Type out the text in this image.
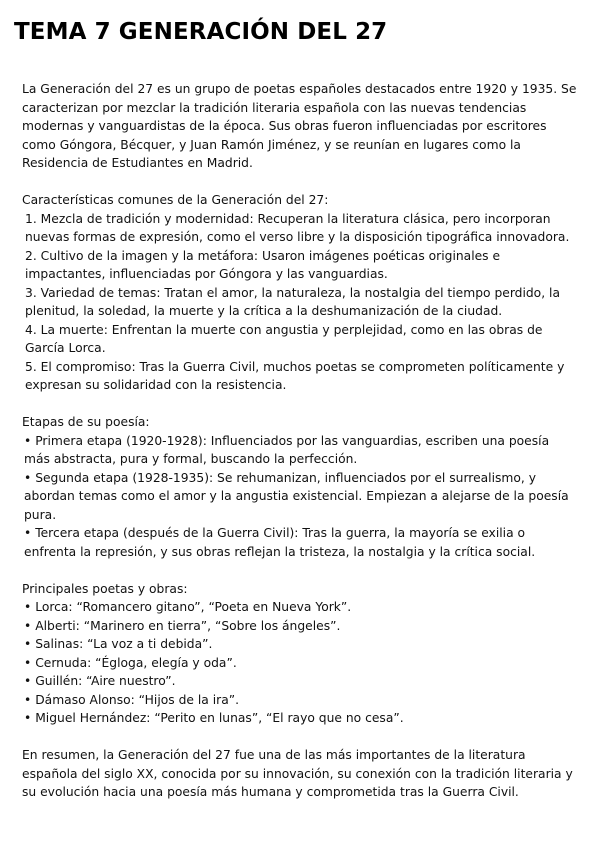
TEMA 7 GENERACIÓN DEL 27

La Generación del 27 es un grupo de poetas españoles destacados entre 1920 y 1935. Se caracterizan por mezclar la tradición literaria española con las nuevas tendencias modernas y vanguardistas de la época. Sus obras fueron influenciadas por escritores como Góngora, Bécquer, y Juan Ramón Jiménez, y se reunían en lugares como la Residencia de Estudiantes en Madrid.

Características comunes de la Generación del 27:

1. Mezcla de tradición y modernidad: Recuperan la literatura clásica, pero incorporan nuevas formas de expresión, como el verso libre y la disposición tipográfica innovadora.

2. Cultivo de la imagen y la metáfora: Usaron imágenes poéticas originales e impactantes, influenciadas por Góngora y las vanguardias.

3. Variedad de temas: Tratan el amor, la naturaleza, la nostalgia del tiempo perdido, la plenitud, la soledad, la muerte y la crítica a la deshumanización de la ciudad.

4. La muerte: Enfrentan la muerte con angustia y perplejidad, como en las obras de García Lorca.

5. El compromiso: Tras la Guerra Civil, muchos poetas se comprometen políticamente y expresan su solidaridad con la resistencia.

Etapas de su poesía:

• Primera etapa (1920-1928): Influenciados por las vanguardias, escriben una poesía más abstracta, pura y formal, buscando la perfección.

• Segunda etapa (1928-1935): Se rehumanizan, influenciados por el surrealismo, y abordan temas como el amor y la angustia existencial. Empiezan a alejarse de la poesía pura.

• Tercera etapa (después de la Guerra Civil): Tras la guerra, la mayoría se exilia o enfrenta la represión, y sus obras reflejan la tristeza, la nostalgia y la crítica social.

Principales poetas y obras:

• Lorca: “Romancero gitano”, “Poeta en Nueva York”.

• Alberti: “Marinero en tierra”, “Sobre los ángeles”.

• Salinas: “La voz a ti debida”.

• Cernuda: “Égloga, elegía y oda”.

• Guillén: “Aire nuestro”.

• Dámaso Alonso: “Hijos de la ira”.

• Miguel Hernández: “Perito en lunas”, “El rayo que no cesa”.

En resumen, la Generación del 27 fue una de las más importantes de la literatura española del siglo XX, conocida por su innovación, su conexión con la tradición literaria y su evolución hacia una poesía más humana y comprometida tras la Guerra Civil.
